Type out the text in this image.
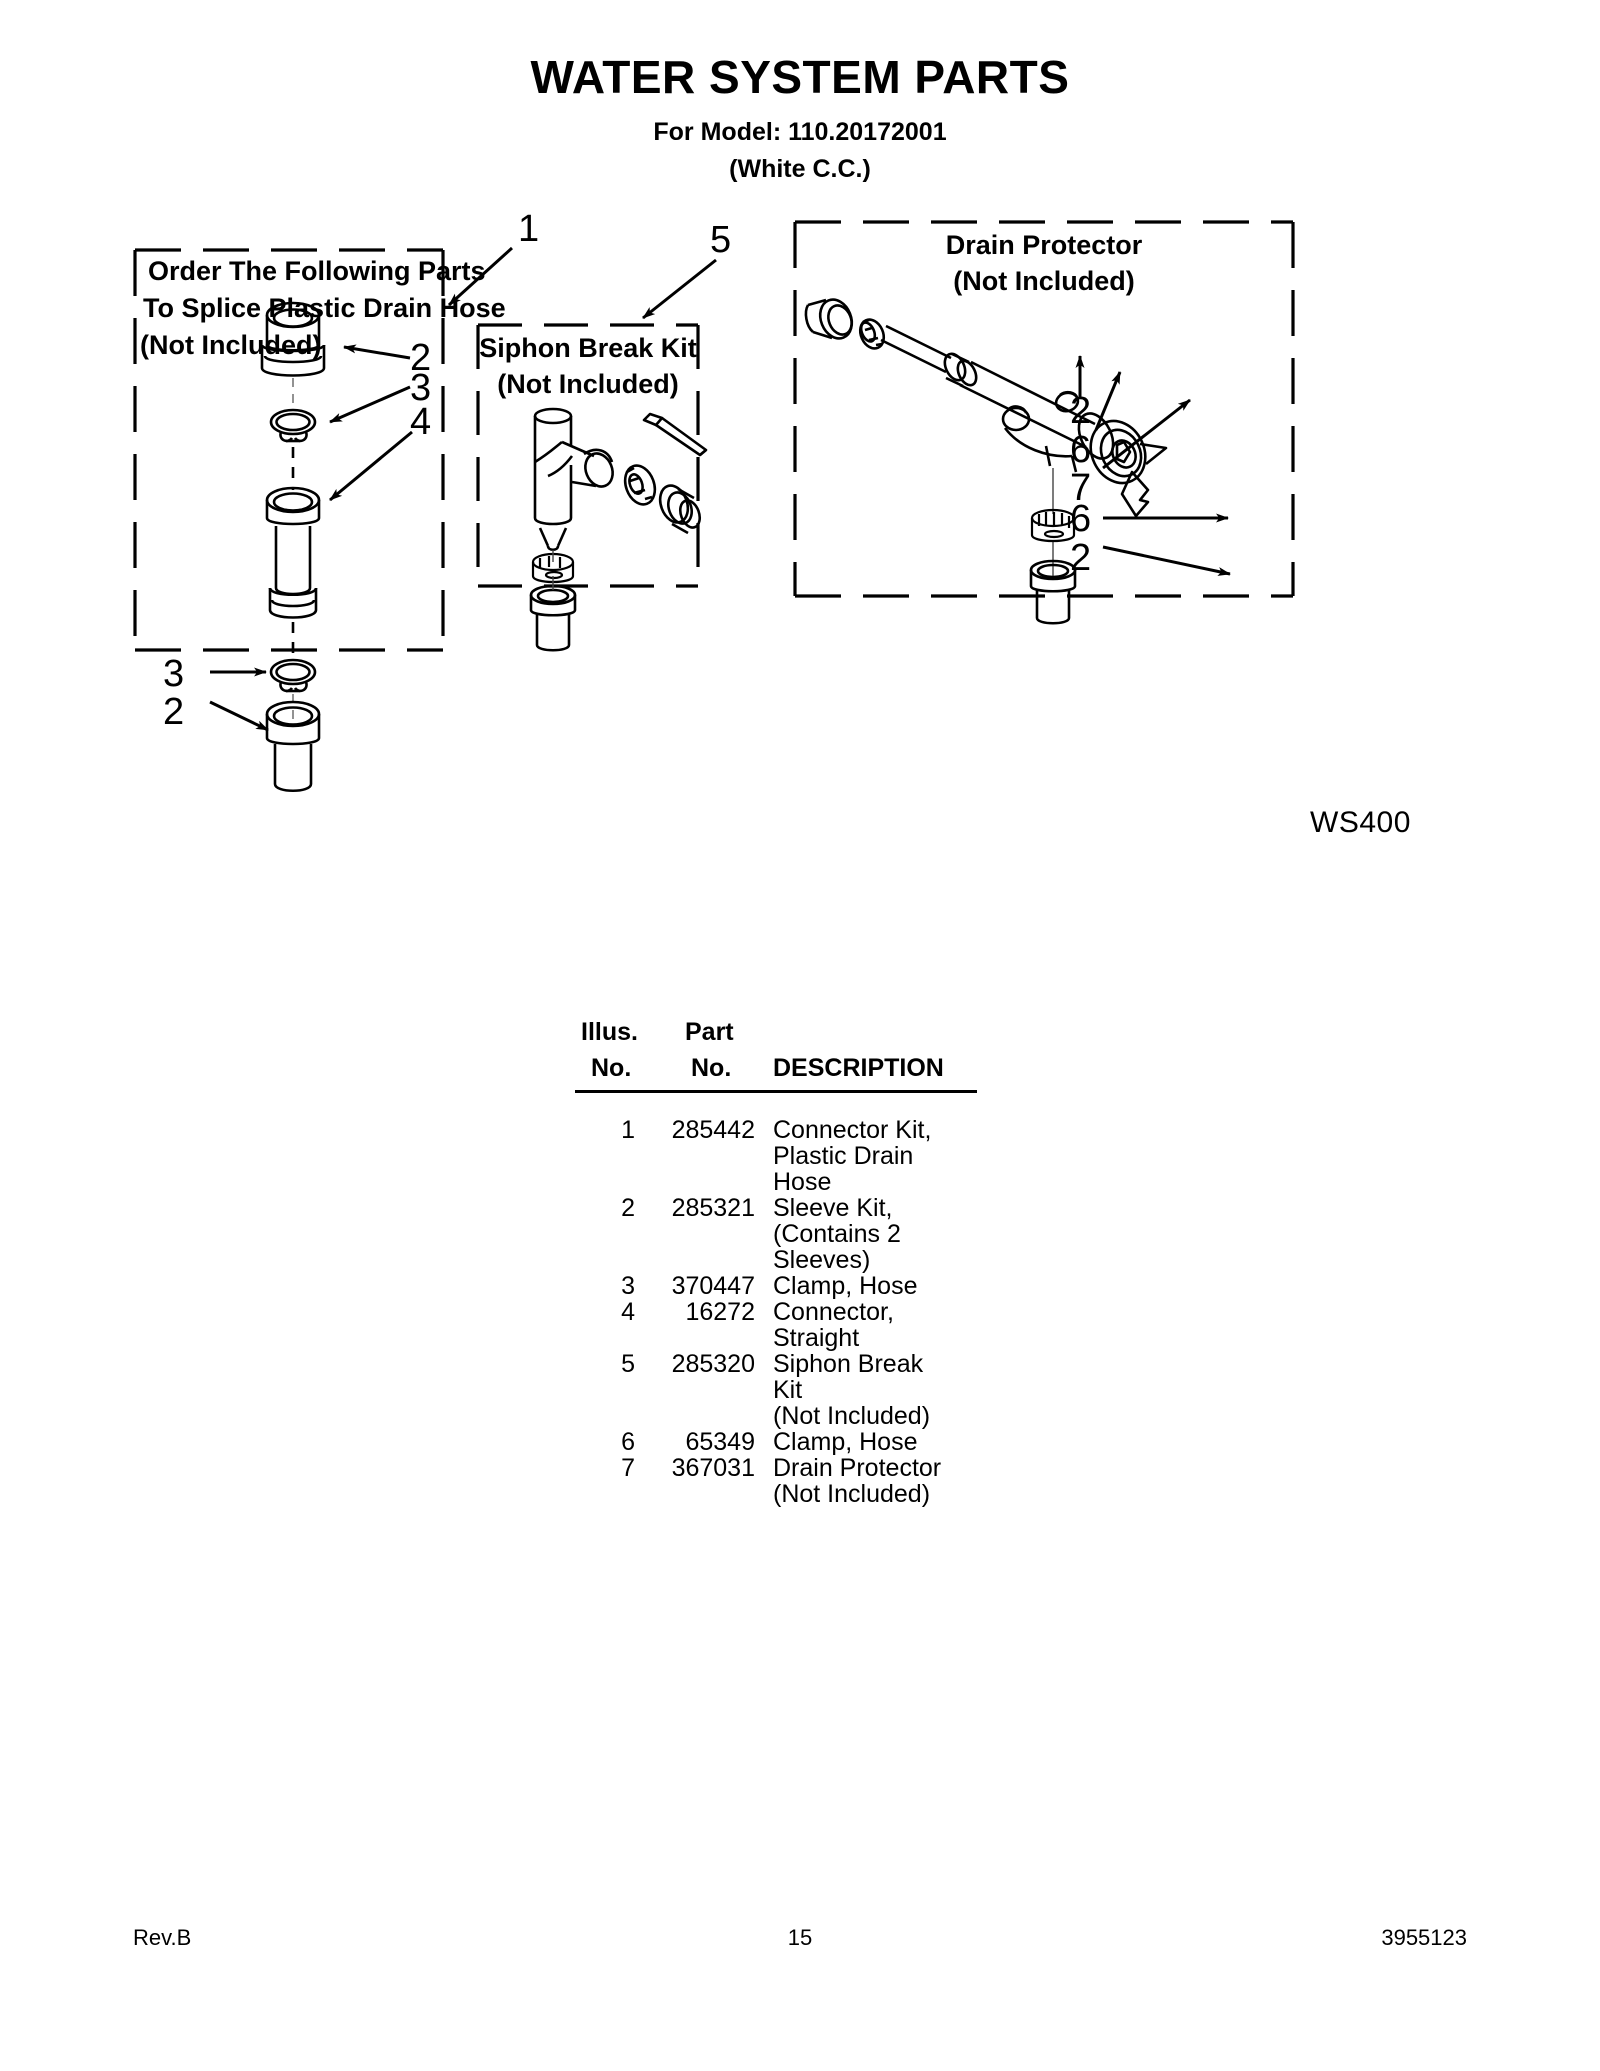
WATER SYSTEM PARTS
For Model: 110.20172001
(White C.C.)
Order The Following Parts
To Splice Plastic Drain Hose
(Not Included)	Siphon Break Kit
(Not Included)
Drain Protector
(Not Included)
1	5
2
3
4
3
2
2
6
7
6
2
WS400
Illus. Part
No. No. DESCRIPTION
1	285442 Connector Kit,
Plastic Drain
Hose
2	285321 Sleeve Kit,
(Contains 2
Sleeves)
3	370447 Clamp, Hose
4	16272 Connector,
Straight
5	285320 Siphon Break
Kit
(Not Included)
6	65349 Clamp, Hose
7	367031 Drain Protector
(Not Included)
Rev.B	15	3955123
